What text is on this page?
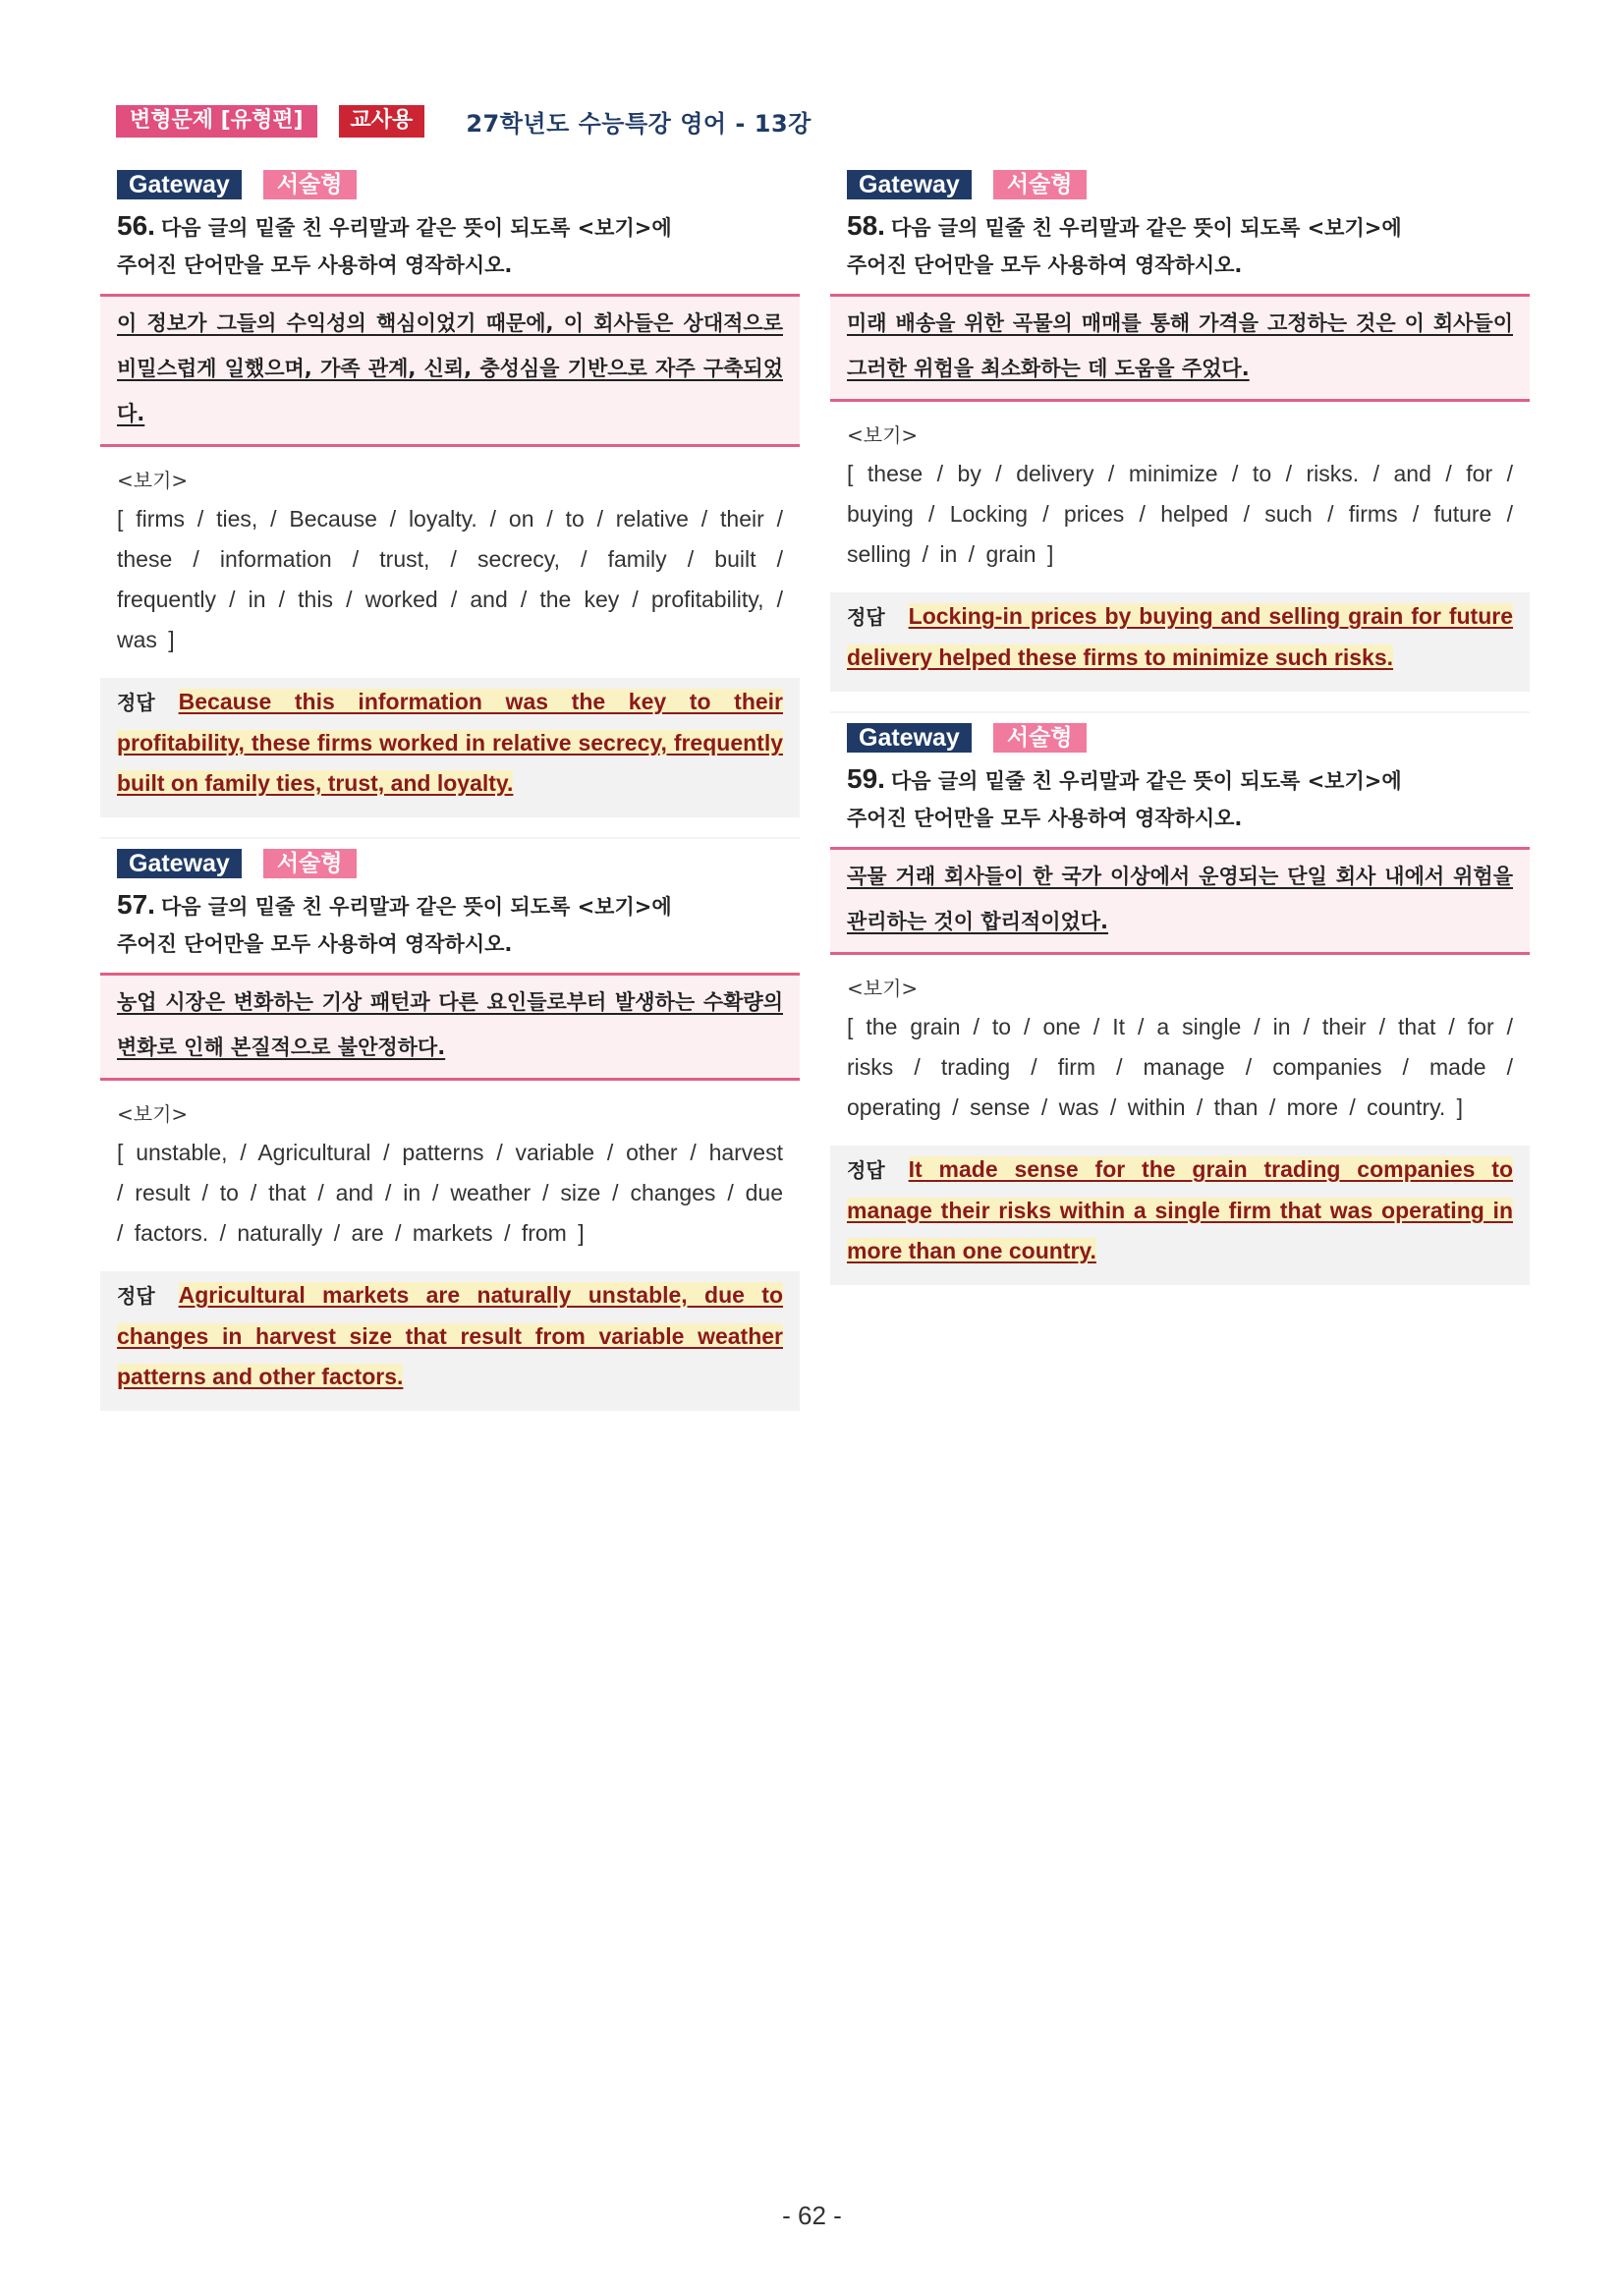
변형문제 [유형편]	교사용	27학년도 수능특강 영어 - 13강
Gateway	서술형
56. 다음 글의 밑줄 친 우리말과 같은 뜻이 되도록 <보기>에
주어진 단어만을 모두 사용하여 영작하시오.
이 정보가 그들의 수익성의 핵심이었기 때문에, 이 회사들은 상대적으로 비밀스럽게 일했으며, 가족 관계, 신뢰, 충성심을 기반으로 자주 구축되었다.
<보기>
[ firms / ties, / Because / loyalty. / on / to / relative / their / these / information / trust, / secrecy, / family / built / frequently / in / this / worked / and / the key / profitability, / was ]
정답 Because this information was the key to their profitability, these firms worked in relative secrecy, frequently built on family ties, trust, and loyalty.
Gateway	서술형
57. 다음 글의 밑줄 친 우리말과 같은 뜻이 되도록 <보기>에
주어진 단어만을 모두 사용하여 영작하시오.
농업 시장은 변화하는 기상 패턴과 다른 요인들로부터 발생하는 수확량의 변화로 인해 본질적으로 불안정하다.
<보기>
[ unstable, / Agricultural / patterns / variable / other / harvest / result / to / that / and / in / weather / size / changes / due / factors. / naturally / are / markets / from ]
정답 Agricultural markets are naturally unstable, due to changes in harvest size that result from variable weather patterns and other factors.
Gateway	서술형
58. 다음 글의 밑줄 친 우리말과 같은 뜻이 되도록 <보기>에
주어진 단어만을 모두 사용하여 영작하시오.
미래 배송을 위한 곡물의 매매를 통해 가격을 고정하는 것은 이 회사들이 그러한 위험을 최소화하는 데 도움을 주었다.
<보기>
[ these / by / delivery / minimize / to / risks. / and / for / buying / Locking / prices / helped / such / firms / future / selling / in / grain ]
정답 Locking-in prices by buying and selling grain for future delivery helped these firms to minimize such risks.
Gateway	서술형
59. 다음 글의 밑줄 친 우리말과 같은 뜻이 되도록 <보기>에
주어진 단어만을 모두 사용하여 영작하시오.
곡물 거래 회사들이 한 국가 이상에서 운영되는 단일 회사 내에서 위험을 관리하는 것이 합리적이었다.
<보기>
[ the grain / to / one / It / a single / in / their / that / for / risks / trading / firm / manage / companies / made / operating / sense / was / within / than / more / country. ]
정답 It made sense for the grain trading companies to manage their risks within a single firm that was operating in more than one country.
- 62 -
